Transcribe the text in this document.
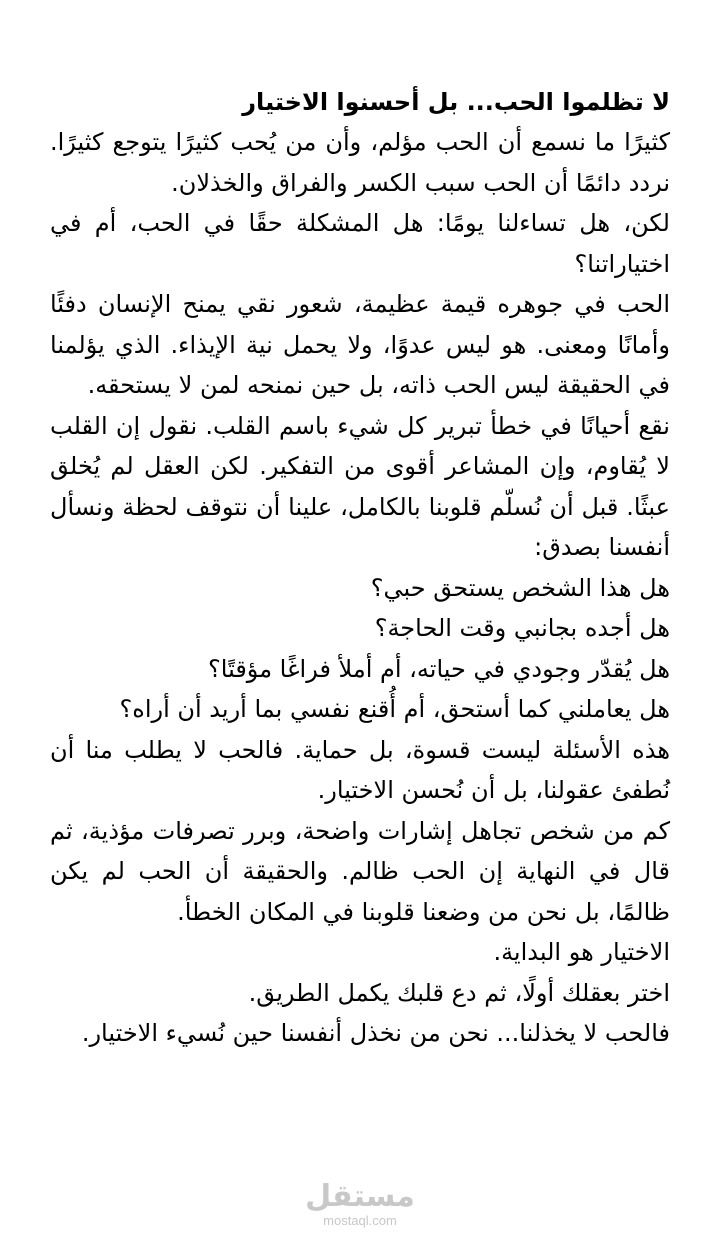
لا تظلموا الحب... بل أحسنوا الاختيار

كثيرًا ما نسمع أن الحب مؤلم، وأن من يُحب كثيرًا يتوجع كثيرًا. نردد دائمًا أن الحب سبب الكسر والفراق والخذلان.

لكن، هل تساءلنا يومًا: هل المشكلة حقًا في الحب، أم في اختياراتنا؟

الحب في جوهره قيمة عظيمة، شعور نقي يمنح الإنسان دفئًا وأمانًا ومعنى. هو ليس عدوًا، ولا يحمل نية الإيذاء. الذي يؤلمنا في الحقيقة ليس الحب ذاته، بل حين نمنحه لمن لا يستحقه.

نقع أحيانًا في خطأ تبرير كل شيء باسم القلب. نقول إن القلب لا يُقاوم، وإن المشاعر أقوى من التفكير. لكن العقل لم يُخلق عبثًا. قبل أن نُسلّم قلوبنا بالكامل، علينا أن نتوقف لحظة ونسأل أنفسنا بصدق:

هل هذا الشخص يستحق حبي؟

هل أجده بجانبي وقت الحاجة؟

هل يُقدّر وجودي في حياته، أم أملأ فراغًا مؤقتًا؟

هل يعاملني كما أستحق، أم أُقنع نفسي بما أريد أن أراه؟

هذه الأسئلة ليست قسوة، بل حماية. فالحب لا يطلب منا أن نُطفئ عقولنا، بل أن نُحسن الاختيار.

كم من شخص تجاهل إشارات واضحة، وبرر تصرفات مؤذية، ثم قال في النهاية إن الحب ظالم. والحقيقة أن الحب لم يكن ظالمًا، بل نحن من وضعنا قلوبنا في المكان الخطأ.

الاختيار هو البداية.

اختر بعقلك أولًا، ثم دع قلبك يكمل الطريق.

فالحب لا يخذلنا... نحن من نخذل أنفسنا حين نُسيء الاختيار.

مستقل
mostaql.com
